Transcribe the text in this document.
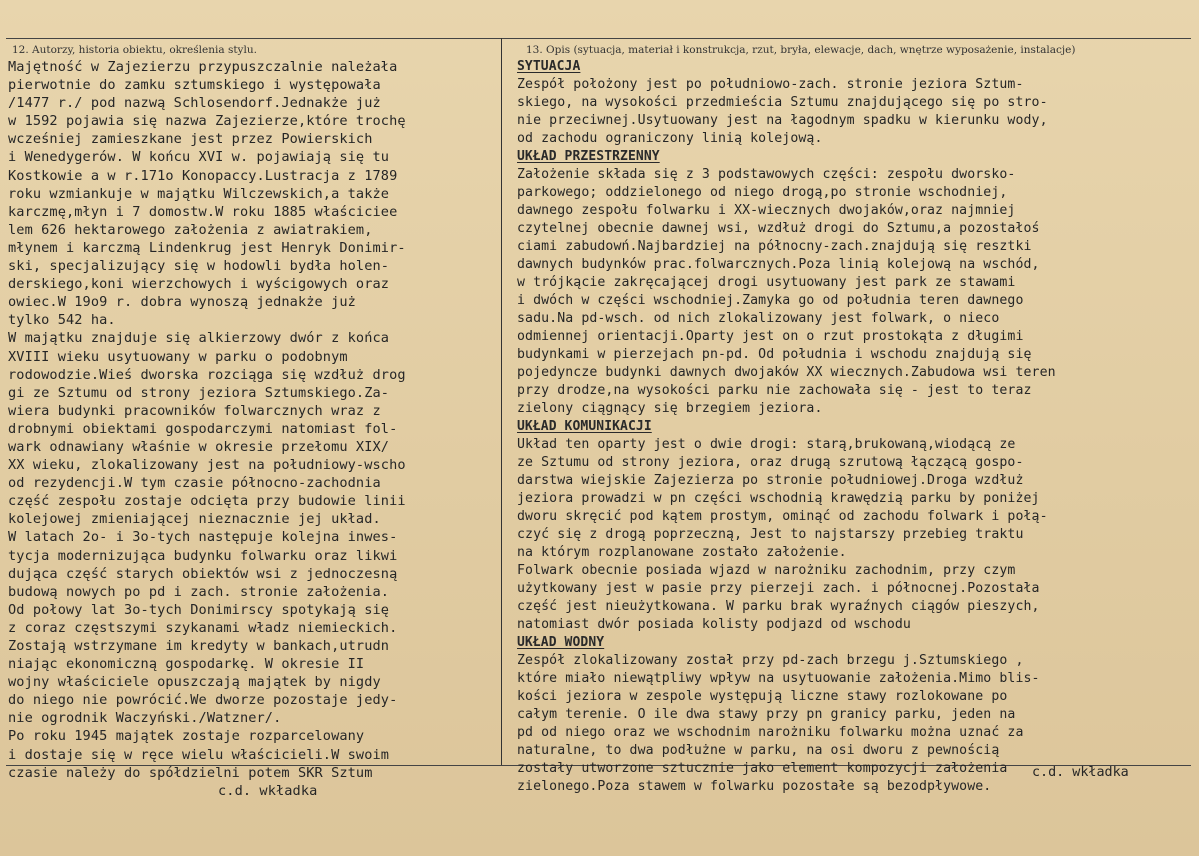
12. Autorzy, historia obiektu, określenia stylu.	13. Opis (sytuacja, materiał i konstrukcja, rzut, bryła, elewacje, dach, wnętrze wyposażenie, instalacje)
Majętność w Zajezierzu przypuszczalnie należała
pierwotnie do zamku sztumskiego i występowała
/1477 r./ pod nazwą Schlosendorf.Jednakże już
w 1592 pojawia się nazwa Zajezierze,które trochę
wcześniej zamieszkane jest przez Powierskich
i Wenedygerów. W końcu XVI w. pojawiają się tu
Kostkowie a w r.171o Konopaccy.Lustracja z 1789
roku wzmiankuje w majątku Wilczewskich,a także
karczmę,młyn i 7 domostw.W roku 1885 właściciee
lem 626 hektarowego założenia z awiatrakiem,
młynem i karczmą Lindenkrug jest Henryk Donimir-
ski, specjalizujący się w hodowli bydła holen-
derskiego,koni wierzchowych i wyścigowych oraz
owiec.W 19o9 r. dobra wynoszą jednakże już
tylko 542 ha.
W majątku znajduje się alkierzowy dwór z końca
XVIII wieku usytuowany w parku o podobnym
rodowodzie.Wieś dworska rozciąga się wzdłuż drog
gi ze Sztumu od strony jeziora Sztumskiego.Za-
wiera budynki pracowników folwarcznych wraz z
drobnymi obiektami gospodarczymi natomiast fol-
wark odnawiany właśnie w okresie przełomu XIX/
XX wieku, zlokalizowany jest na południowy-wscho
od rezydencji.W tym czasie północno-zachodnia
część zespołu zostaje odcięta przy budowie linii
kolejowej zmieniającej nieznacznie jej układ.
W latach 2o- i 3o-tych następuje kolejna inwes-
tycja modernizująca budynku folwarku oraz likwi
dująca część starych obiektów wsi z jednoczesną
budową nowych po pd i zach. stronie założenia.
Od połowy lat 3o-tych Donimirscy spotykają się
z coraz częstszymi szykanami władz niemieckich.
Zostają wstrzymane im kredyty w bankach,utrudn
niając ekonomiczną gospodarkę. W okresie II
wojny właściciele opuszczają majątek by nigdy
do niego nie powrócić.We dworze pozostaje jedy-
nie ogrodnik Waczyński./Watzner/.
Po roku 1945 majątek zostaje rozparcelowany
i dostaje się w ręce wielu właścicieli.W swoim
czasie należy do spółdzielni potem SKR Sztum
c.d. wkładka
SYTUACJA
Zespół położony jest po południowo-zach. stronie jeziora Sztum-
skiego, na wysokości przedmieścia Sztumu znajdującego się po stro-
nie przeciwnej.Usytuowany jest na łagodnym spadku w kierunku wody,
od zachodu ograniczony linią kolejową.
UKŁAD PRZESTRZENNY
Założenie składa się z 3 podstawowych części: zespołu dworsko-
parkowego; oddzielonego od niego drogą,po stronie wschodniej,
dawnego zespołu folwarku i XX-wiecznych dwojaków,oraz najmniej
czytelnej obecnie dawnej wsi, wzdłuż drogi do Sztumu,a pozostałoś
ciami zabudowń.Najbardziej na północny-zach.znajdują się resztki
dawnych budynków prac.folwarcznych.Poza linią kolejową na wschód,
w trójkącie zakręcającej drogi usytuowany jest park ze stawami
i dwóch w części wschodniej.Zamyka go od południa teren dawnego
sadu.Na pd-wsch. od nich zlokalizowany jest folwark, o nieco
odmiennej orientacji.Oparty jest on o rzut prostokąta z długimi
budynkami w pierzejach pn-pd. Od południa i wschodu znajdują się
pojedyncze budynki dawnych dwojaków XX wiecznych.Zabudowa wsi teren
przy drodze,na wysokości parku nie zachowała się - jest to teraz
zielony ciągnący się brzegiem jeziora.
UKŁAD KOMUNIKACJI
Układ ten oparty jest o dwie drogi: starą,brukowaną,wiodącą ze
ze Sztumu od strony jeziora, oraz drugą szrutową łączącą gospo-
darstwa wiejskie Zajezierza po stronie południowej.Droga wzdłuż
jeziora prowadzi w pn części wschodnią krawędzią parku by poniżej
dworu skręcić pod kątem prostym, ominąć od zachodu folwark i połą-
czyć się z drogą poprzeczną, Jest to najstarszy przebieg traktu
na którym rozplanowane zostało założenie.
Folwark obecnie posiada wjazd w narożniku zachodnim, przy czym
użytkowany jest w pasie przy pierzeji zach. i północnej.Pozostała
część jest nieużytkowana. W parku brak wyraźnych ciągów pieszych,
natomiast dwór posiada kolisty podjazd od wschodu
UKŁAD WODNY
Zespół zlokalizowany został przy pd-zach brzegu j.Sztumskiego ,
które miało niewątpliwy wpływ na usytuowanie założenia.Mimo blis-
kości jeziora w zespole występują liczne stawy rozlokowane po
całym terenie. O ile dwa stawy przy pn granicy parku, jeden na
pd od niego oraz we wschodnim narożniku folwarku można uznać za
naturalne, to dwa podłużne w parku, na osi dworu z pewnością
zostały utworzone sztucznie jako element kompozycji założenia
zielonego.Poza stawem w folwarku pozostałe są bezodpływowe.
c.d. wkładka
